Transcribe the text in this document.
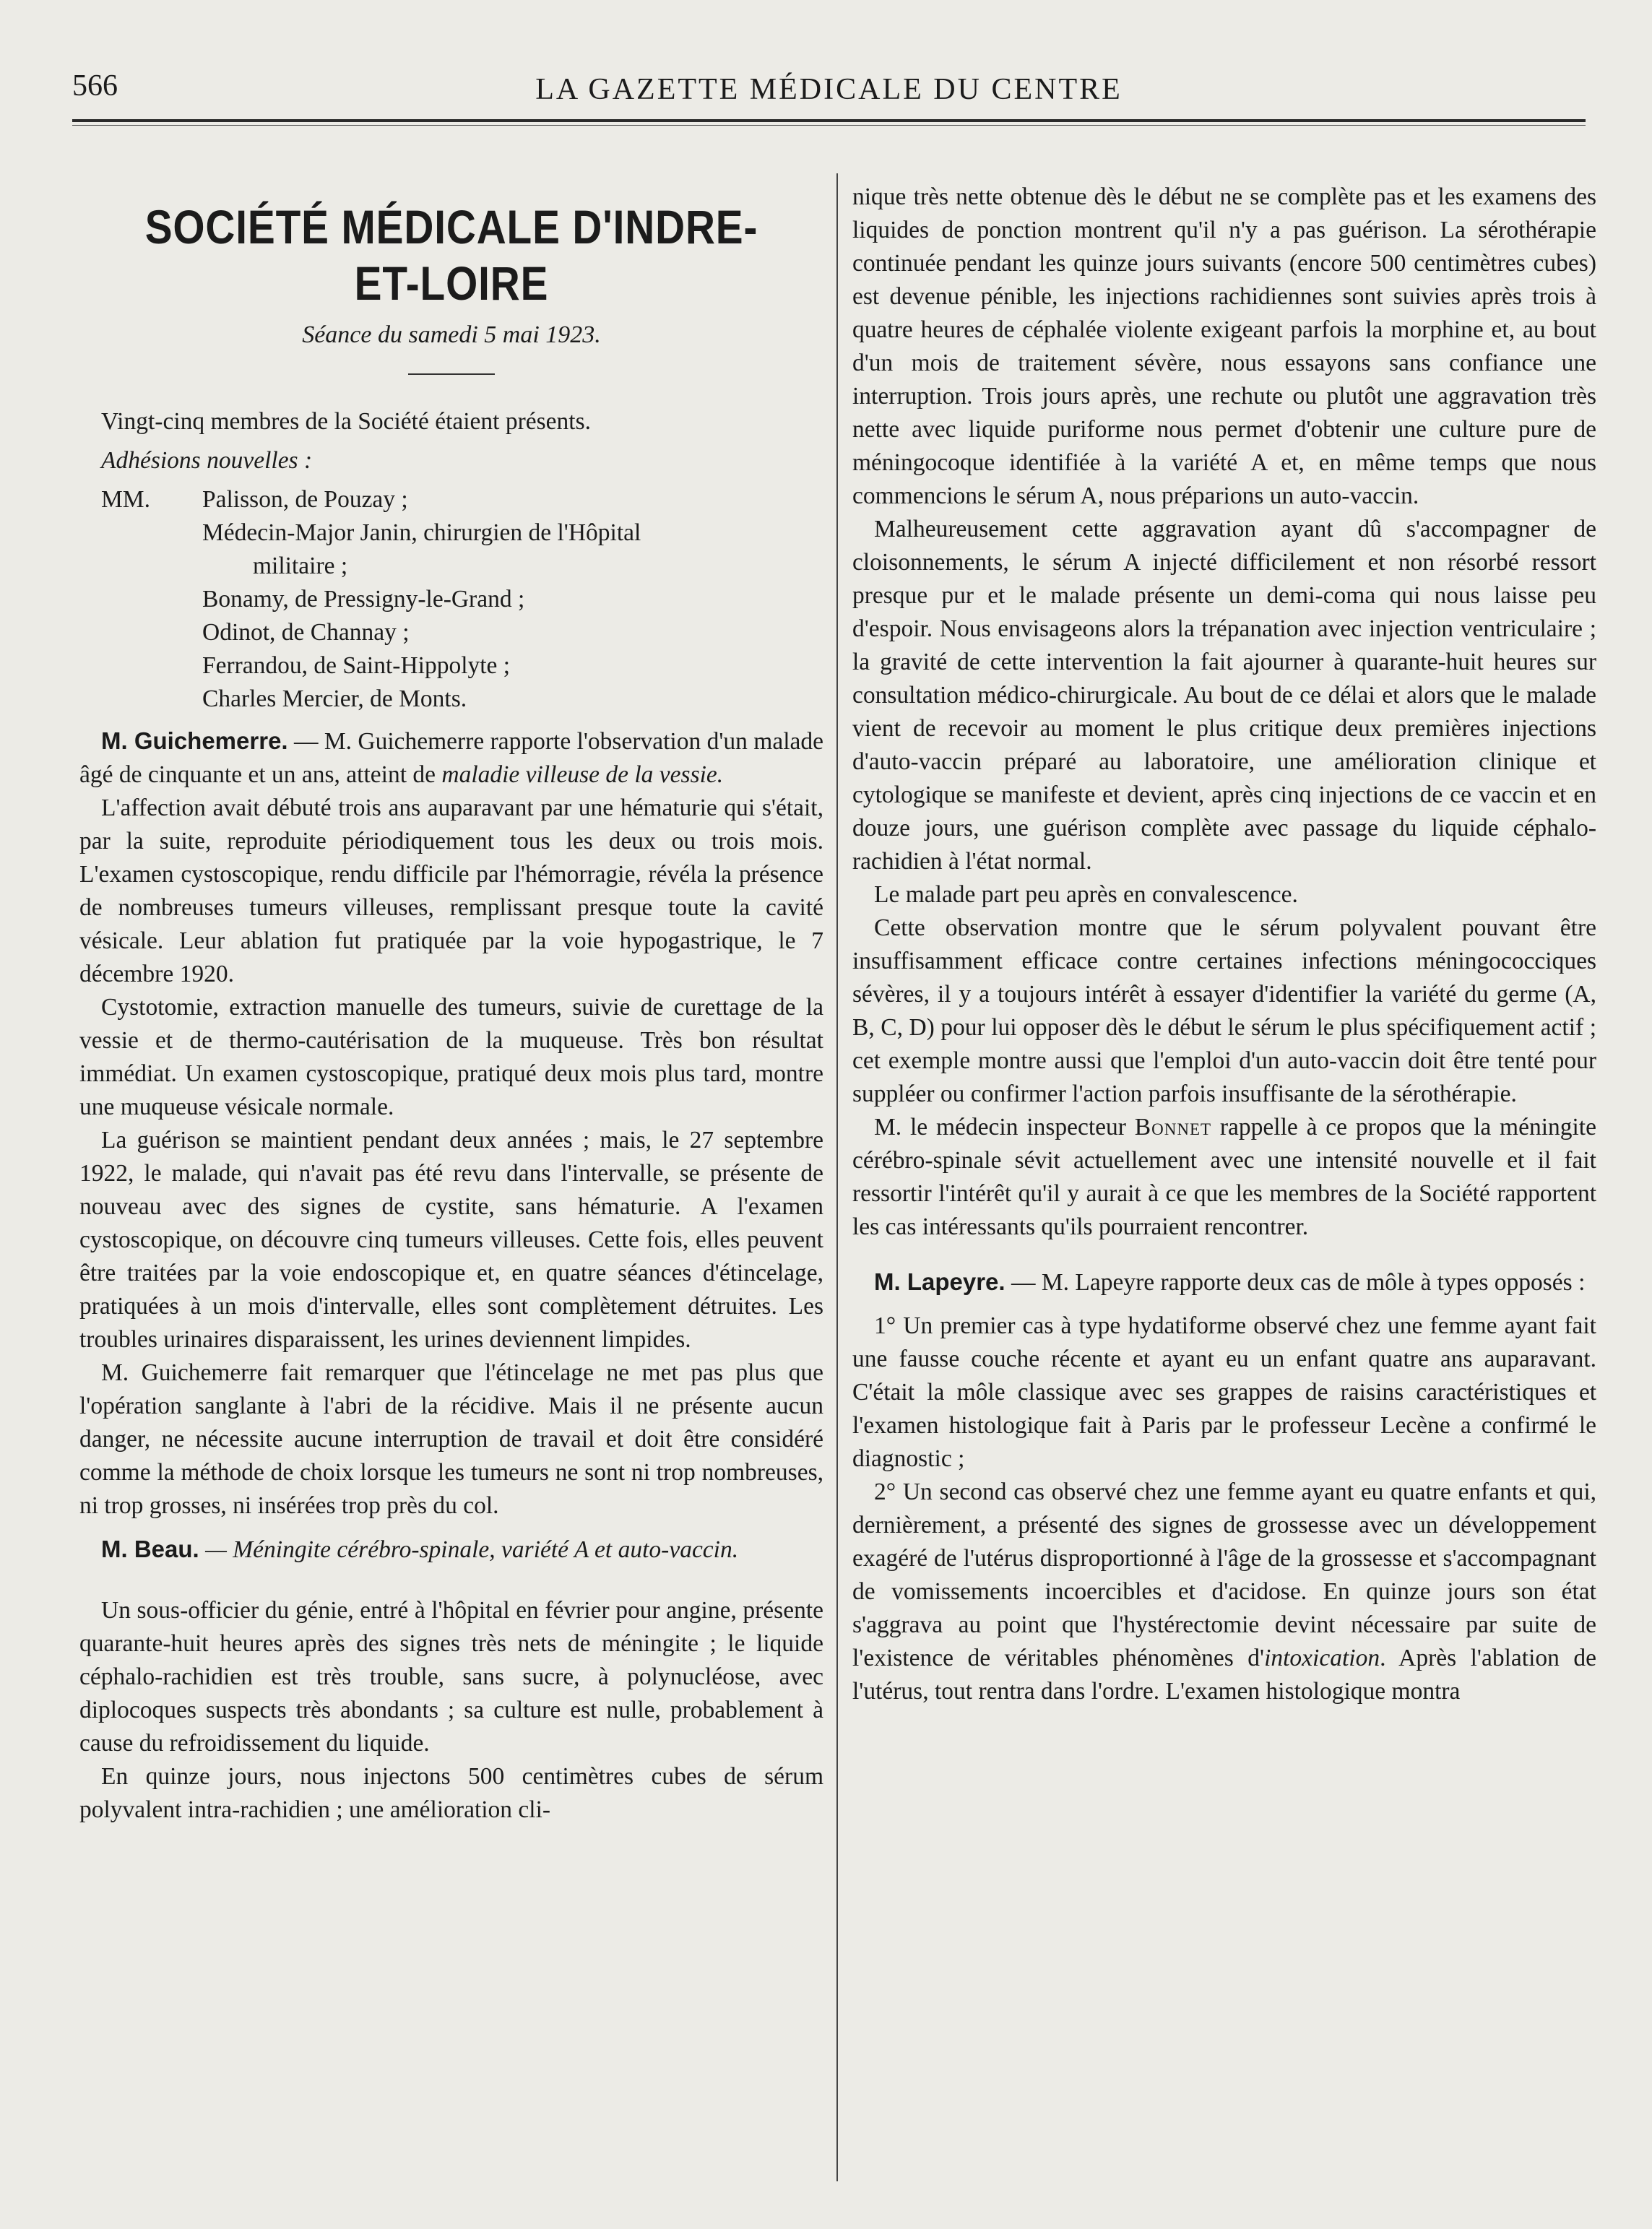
566	LA GAZETTE MÉDICALE DU CENTRE
SOCIÉTÉ MÉDICALE D'INDRE-ET-LOIRE
Séance du samedi 5 mai 1923.

Vingt-cinq membres de la Société étaient présents.

Adhésions nouvelles :

MM.	Palisson, de Pouzay ;
Médecin-Major Janin, chirurgien de l'Hôpital
militaire ;
Bonamy, de Pressigny-le-Grand ;
Odinot, de Channay ;
Ferrandou, de Saint-Hippolyte ;
Charles Mercier, de Monts.

M. Guichemerre. — M. Guichemerre rapporte l'observation d'un malade âgé de cinquante et un ans, atteint de maladie villeuse de la vessie.

L'affection avait débuté trois ans auparavant par une hématurie qui s'était, par la suite, reproduite périodiquement tous les deux ou trois mois. L'examen cystoscopique, rendu difficile par l'hémorragie, révéla la présence de nombreuses tumeurs villeuses, remplissant presque toute la cavité vésicale. Leur ablation fut pratiquée par la voie hypogastrique, le 7 décembre 1920.

Cystotomie, extraction manuelle des tumeurs, suivie de curettage de la vessie et de thermo-cautérisation de la muqueuse. Très bon résultat immédiat. Un examen cystoscopique, pratiqué deux mois plus tard, montre une muqueuse vésicale normale.

La guérison se maintient pendant deux années ; mais, le 27 septembre 1922, le malade, qui n'avait pas été revu dans l'intervalle, se présente de nouveau avec des signes de cystite, sans hématurie. A l'examen cystoscopique, on découvre cinq tumeurs villeuses. Cette fois, elles peuvent être traitées par la voie endoscopique et, en quatre séances d'étincelage, pratiquées à un mois d'intervalle, elles sont complètement détruites. Les troubles urinaires disparaissent, les urines deviennent limpides.

M. Guichemerre fait remarquer que l'étincelage ne met pas plus que l'opération sanglante à l'abri de la récidive. Mais il ne présente aucun danger, ne nécessite aucune interruption de travail et doit être considéré comme la méthode de choix lorsque les tumeurs ne sont ni trop nombreuses, ni trop grosses, ni insérées trop près du col.

M. Beau. — Méningite cérébro-spinale, variété A et auto-vaccin.

Un sous-officier du génie, entré à l'hôpital en février pour angine, présente quarante-huit heures après des signes très nets de méningite ; le liquide céphalo-rachidien est très trouble, sans sucre, à polynucléose, avec diplocoques suspects très abondants ; sa culture est nulle, probablement à cause du refroidissement du liquide.

En quinze jours, nous injectons 500 centimètres cubes de sérum polyvalent intra-rachidien ; une amélioration cli-

nique très nette obtenue dès le début ne se complète pas et les examens des liquides de ponction montrent qu'il n'y a pas guérison. La sérothérapie continuée pendant les quinze jours suivants (encore 500 centimètres cubes) est devenue pénible, les injections rachidiennes sont suivies après trois à quatre heures de céphalée violente exigeant parfois la morphine et, au bout d'un mois de traitement sévère, nous essayons sans confiance une interruption. Trois jours après, une rechute ou plutôt une aggravation très nette avec liquide puriforme nous permet d'obtenir une culture pure de méningocoque identifiée à la variété A et, en même temps que nous commencions le sérum A, nous préparions un auto-vaccin.

Malheureusement cette aggravation ayant dû s'accompagner de cloisonnements, le sérum A injecté difficilement et non résorbé ressort presque pur et le malade présente un demi-coma qui nous laisse peu d'espoir. Nous envisageons alors la trépanation avec injection ventriculaire ; la gravité de cette intervention la fait ajourner à quarante-huit heures sur consultation médico-chirurgicale. Au bout de ce délai et alors que le malade vient de recevoir au moment le plus critique deux premières injections d'auto-vaccin préparé au laboratoire, une amélioration clinique et cytologique se manifeste et devient, après cinq injections de ce vaccin et en douze jours, une guérison complète avec passage du liquide céphalo-rachidien à l'état normal.

Le malade part peu après en convalescence.

Cette observation montre que le sérum polyvalent pouvant être insuffisamment efficace contre certaines infections méningococciques sévères, il y a toujours intérêt à essayer d'identifier la variété du germe (A, B, C, D) pour lui opposer dès le début le sérum le plus spécifiquement actif ; cet exemple montre aussi que l'emploi d'un auto-vaccin doit être tenté pour suppléer ou confirmer l'action parfois insuffisante de la sérothérapie.

M. le médecin inspecteur Bonnet rappelle à ce propos que la méningite cérébro-spinale sévit actuellement avec une intensité nouvelle et il fait ressortir l'intérêt qu'il y aurait à ce que les membres de la Société rapportent les cas intéressants qu'ils pourraient rencontrer.

M. Lapeyre. — M. Lapeyre rapporte deux cas de môle à types opposés :

1° Un premier cas à type hydatiforme observé chez une femme ayant fait une fausse couche récente et ayant eu un enfant quatre ans auparavant. C'était la môle classique avec ses grappes de raisins caractéristiques et l'examen histologique fait à Paris par le professeur Lecène a confirmé le diagnostic ;

2° Un second cas observé chez une femme ayant eu quatre enfants et qui, dernièrement, a présenté des signes de grossesse avec un développement exagéré de l'utérus disproportionné à l'âge de la grossesse et s'accompagnant de vomissements incoercibles et d'acidose. En quinze jours son état s'aggrava au point que l'hystérectomie devint nécessaire par suite de l'existence de véritables phénomènes d'intoxication. Après l'ablation de l'utérus, tout rentra dans l'ordre. L'examen histologique montra
